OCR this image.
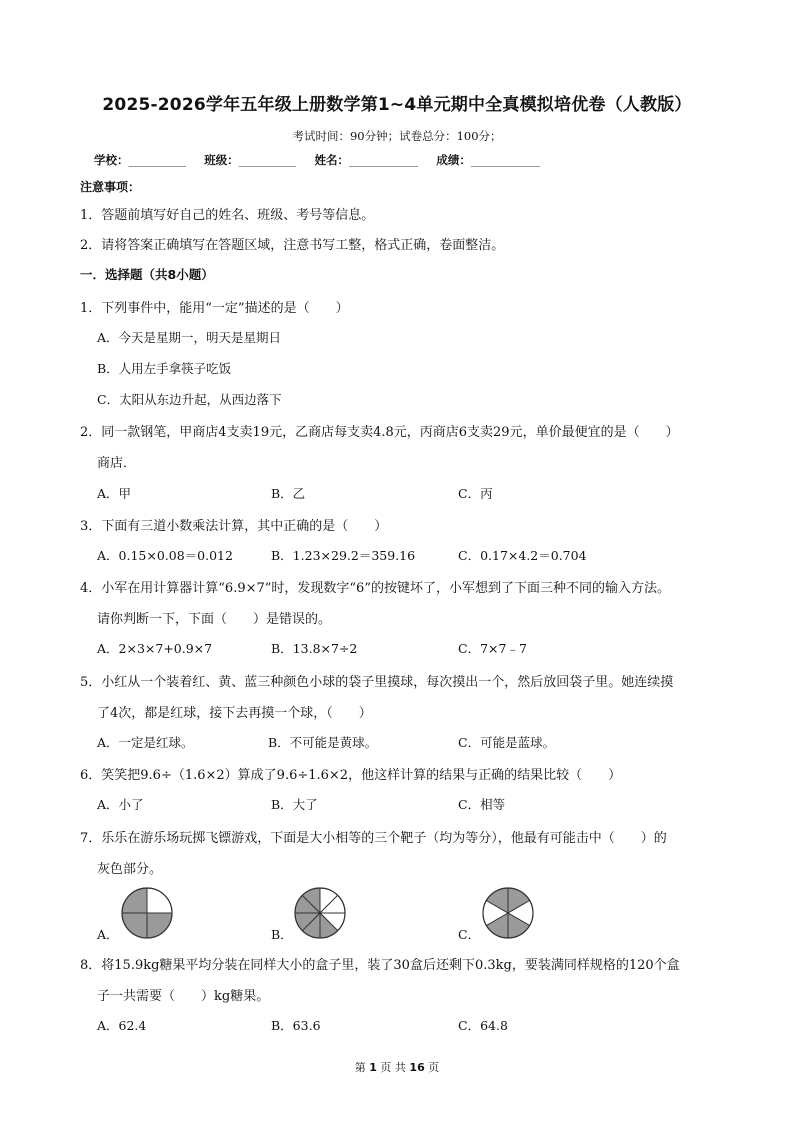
2025-2026学年五年级上册数学第1~4单元期中全真模拟培优卷（人教版）
考试时间：90分钟；试卷总分：100分；
学校：__________ 班级：__________ 姓名：____________ 成绩：____________
注意事项：
1．答题前填写好自己的姓名、班级、考号等信息。
2．请将答案正确填写在答题区域，注意书写工整，格式正确，卷面整洁。
一．选择题（共8小题）
1．下列事件中，能用“一定”描述的是（　　）
A．今天是星期一，明天是星期日
B．人用左手拿筷子吃饭
C．太阳从东边升起，从西边落下
2．同一款钢笔，甲商店4支卖19元，乙商店每支卖4.8元，丙商店6支卖29元，单价最便宜的是（　　）
商店．
A．甲	B．乙	C．丙
3．下面有三道小数乘法计算，其中正确的是（　　）
A．0.15×0.08＝0.012	B．1.23×29.2＝359.16	C．0.17×4.2＝0.704
4．小军在用计算器计算“6.9×7”时，发现数字“6”的按键坏了，小军想到了下面三种不同的输入方法。
请你判断一下，下面（　　）是错误的。
A．2×3×7+0.9×7	B．13.8×7÷2	C．7×7﹣7
5．小红从一个装着红、黄、蓝三种颜色小球的袋子里摸球，每次摸出一个，然后放回袋子里。她连续摸
了4次，都是红球，接下去再摸一个球，（　　）
A．一定是红球。	B．不可能是黄球。	C．可能是蓝球。
6．笑笑把9.6÷（1.6×2）算成了9.6÷1.6×2，他这样计算的结果与正确的结果比较（　　）
A．小了	B．大了	C．相等
7．乐乐在游乐场玩掷飞镖游戏，下面是大小相等的三个靶子（均为等分），他最有可能击中（　　）的
灰色部分。
A．	B．	C．
8．将15.9kg糖果平均分装在同样大小的盒子里，装了30盒后还剩下0.3kg，要装满同样规格的120个盒
子一共需要（　　）kg糖果。
A．62.4	B．63.6	C．64.8
第 1 页 共 16 页
